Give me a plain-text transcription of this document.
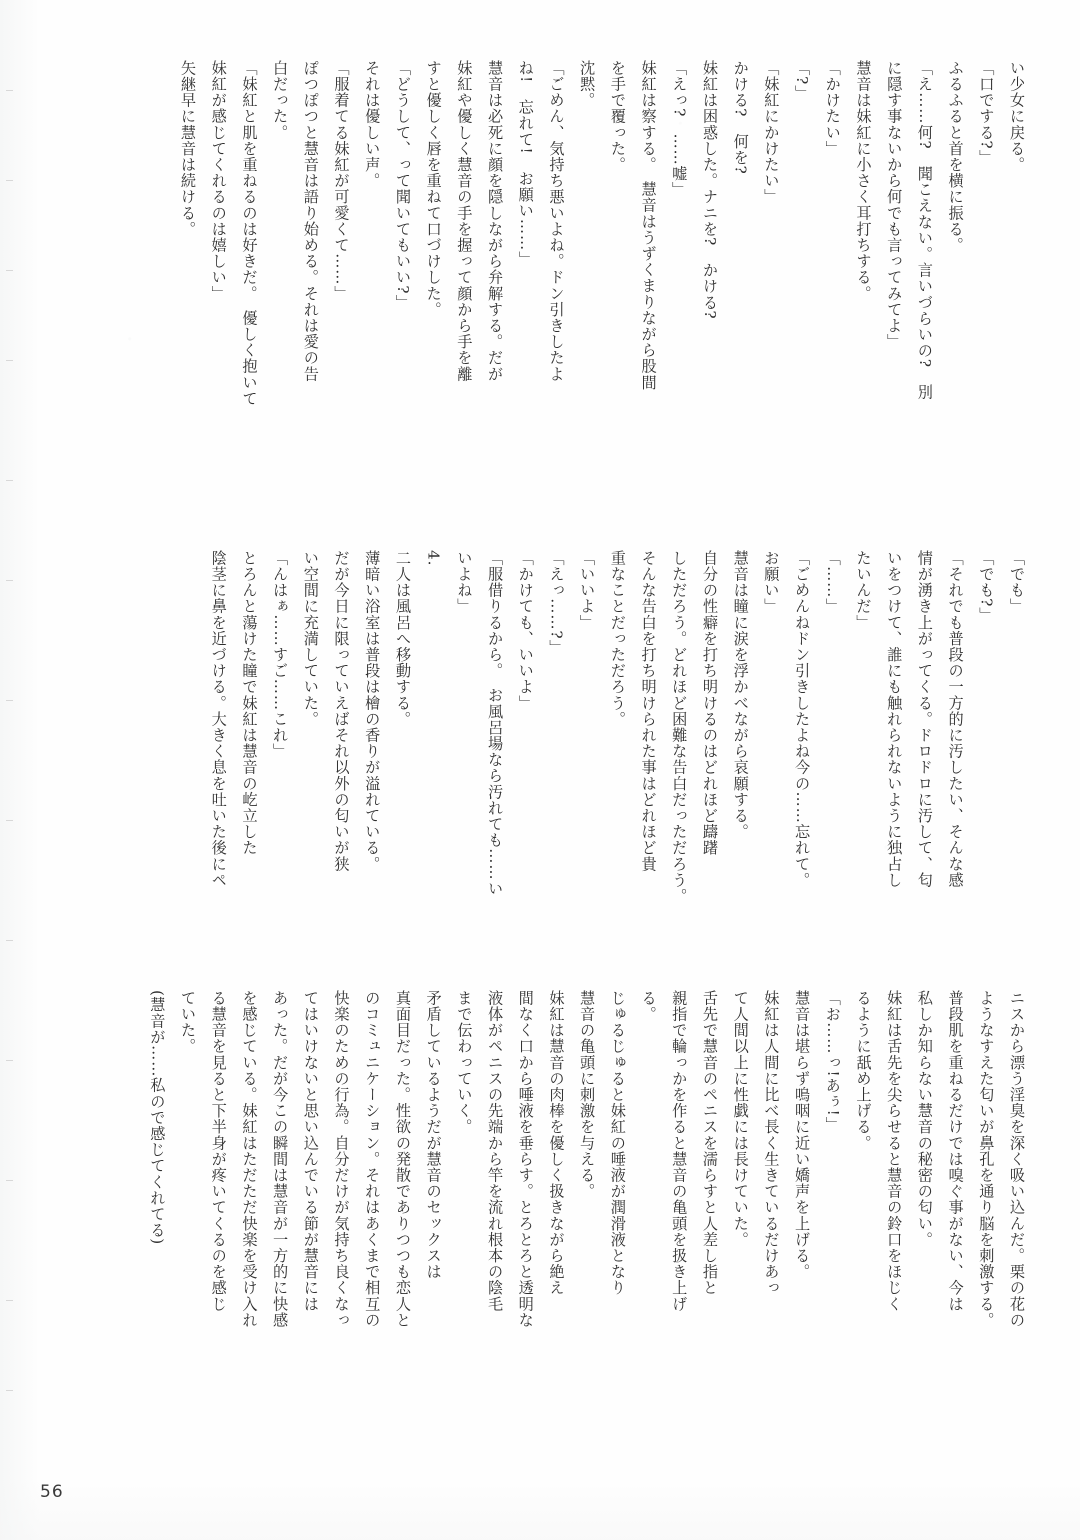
い少女に戻る。
「口でする?」
ふるふると首を横に振る。
「え……何?　聞こえない。言いづらいの?　別
に隠す事ないから何でも言ってみてよ」
慧音は妹紅に小さく耳打ちする。
「かけたい」
「?」
「妹紅にかけたい」
かける?　何を?
妹紅は困惑した。ナニを?　かける?
「えっ?　……嘘」
妹紅は察する。　慧音はうずくまりながら股間
を手で覆った。
沈黙。
「ごめん、気持ち悪いよね。ドン引きしたよ
ね!　忘れて!　お願い……」
慧音は必死に顔を隠しながら弁解する。だが
妹紅や優しく慧音の手を握って顔から手を離
すと優しく唇を重ねて口づけした。
「どうして、って聞いてもいい?」
それは優しい声。
「服着てる妹紅が可愛くて……」
ぽつぽつと慧音は語り始める。それは愛の告
白だった。
「妹紅と肌を重ねるのは好きだ。　優しく抱いて
妹紅が感じてくれるのは嬉しい」
矢継早に慧音は続ける。
「でも」
「でも?」
「それでも普段の一方的に汚したい、そんな感
情が湧き上がってくる。ドロドロに汚して、匂
いをつけて、誰にも触れられないように独占し
たいんだ」
「……」
「ごめんねドン引きしたよね今の……忘れて。
お願い」
慧音は瞳に涙を浮かべながら哀願する。
自分の性癖を打ち明けるのはどれほど躊躇
しただろう。どれほど困難な告白だっただろう。
そんな告白を打ち明けられた事はどれほど貴
重なことだっただろう。
「いいよ」
「えっ……?」
「かけても、いいよ」
「服借りるから。　お風呂場なら汚れても……い
いよね」
4.
二人は風呂へ移動する。
薄暗い浴室は普段は檜の香りが溢れている。
だが今日に限っていえばそれ以外の匂いが狭
い空間に充満していた。
「んはぁ……すご……これ」
とろんと蕩けた瞳で妹紅は慧音の屹立した
陰茎に鼻を近づける。大きく息を吐いた後にペ
ニスから漂う淫臭を深く吸い込んだ。栗の花の
ようなすえた匂いが鼻孔を通り脳を刺激する。
普段肌を重ねるだけでは嗅ぐ事がない、今は
私しか知らない慧音の秘密の匂い。
妹紅は舌先を尖らせると慧音の鈴口をほじく
るように舐め上げる。
「お……っ!あぅ!」
慧音は堪らず嗚咽に近い嬌声を上げる。
妹紅は人間に比べ長く生きているだけあっ
て人間以上に性戯には長けていた。
舌先で慧音のペニスを濡らすと人差し指と
親指で輪っかを作ると慧音の亀頭を扱き上げ
る。
じゅるじゅると妹紅の唾液が潤滑液となり
慧音の亀頭に刺激を与える。
妹紅は慧音の肉棒を優しく扱きながら絶え
間なく口から唾液を垂らす。とろとろと透明な
液体がペニスの先端から竿を流れ根本の陰毛
まで伝わっていく。
矛盾しているようだが慧音のセックスは
真面目だった。性欲の発散でありつつも恋人と
のコミュニケーション。それはあくまで相互の
快楽のための行為。自分だけが気持ち良くなっ
てはいけないと思い込んでいる節が慧音には
あった。だが今この瞬間は慧音が一方的に快感
を感じている。妹紅はただただ快楽を受け入れ
る慧音を見ると下半身が疼いてくるのを感じ
ていた。
(慧音が……私ので感じてくれてる)
56
